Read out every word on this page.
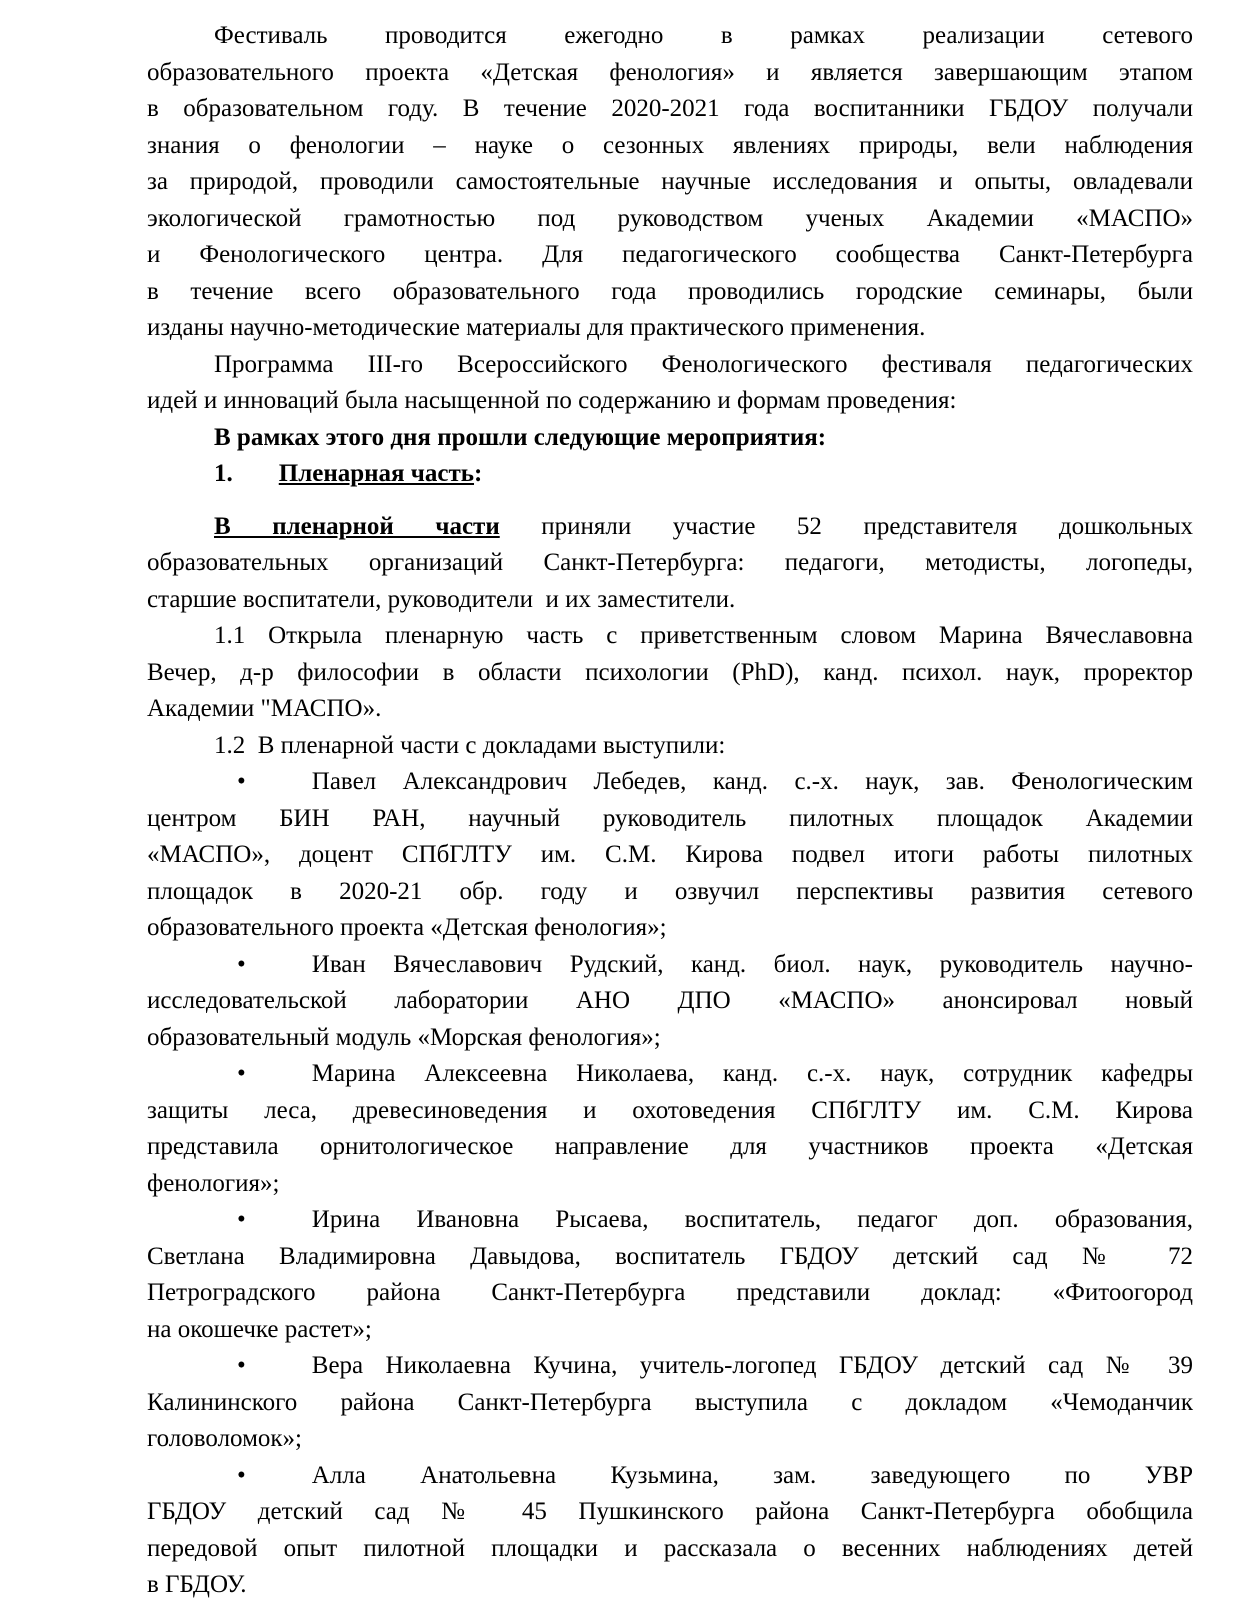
Фестиваль проводится ежегодно в рамках реализации сетевого
образовательного проекта «Детская фенология» и является завершающим этапом
в образовательном году. В течение 2020-2021 года воспитанники ГБДОУ получали
знания о фенологии – науке о сезонных явлениях природы, вели наблюдения
за природой, проводили самостоятельные научные исследования и опыты, овладевали
экологической грамотностью под руководством ученых Академии «МАСПО»
и Фенологического центра. Для педагогического сообщества Санкт-Петербурга
в течение всего образовательного года проводились городские семинары, были
изданы научно-методические материалы для практического применения.
Программа III-го Всероссийского Фенологического фестиваля педагогических
идей и инноваций была насыщенной по содержанию и формам проведения:
В рамках этого дня прошли следующие мероприятия:
1. Пленарная часть:
В пленарной части приняли участие 52 представителя дошкольных
образовательных организаций Санкт-Петербурга: педагоги, методисты, логопеды,
старшие воспитатели, руководители  и их заместители.
1.1 Открыла пленарную часть с приветственным словом Марина Вячеславовна
Вечер, д-р философии в области психологии (PhD), канд. психол. наук, проректор
Академии "МАСПО».
1.2  В пленарной части с докладами выступили:
•	Павел Александрович Лебедев, канд. с.-х. наук, зав. Фенологическим
центром БИН РАН, научный руководитель пилотных площадок Академии
«МАСПО», доцент СПбГЛТУ им. С.М. Кирова подвел итоги работы пилотных
площадок в 2020-21 обр. году и озвучил перспективы развития сетевого
образовательного проекта «Детская фенология»;
•	Иван Вячеславович Рудский, канд. биол. наук, руководитель научно-
исследовательской лаборатории АНО ДПО «МАСПО» анонсировал новый
образовательный модуль «Морская фенология»;
•	Марина Алексеевна Николаева, канд. с.-х. наук, сотрудник кафедры
защиты леса, древесиноведения и охотоведения СПбГЛТУ им. С.М. Кирова
представила орнитологическое направление для участников проекта «Детская
фенология»;
•	Ирина Ивановна Рысаева, воспитатель, педагог доп. образования,
Светлана Владимировна Давыдова, воспитатель ГБДОУ детский сад № 72
Петроградского района Санкт-Петербурга представили доклад: «Фитоогород
на окошечке растет»;
•	Вера Николаевна Кучина, учитель-логопед ГБДОУ детский сад № 39
Калининского района Санкт-Петербурга выступила с докладом «Чемоданчик
головоломок»;
•	Алла Анатольевна Кузьмина, зам. заведующего по УВР
ГБДОУ детский сад № 45 Пушкинского района Санкт-Петербурга обобщила
передовой опыт пилотной площадки и рассказала о весенних наблюдениях детей
в ГБДОУ.
